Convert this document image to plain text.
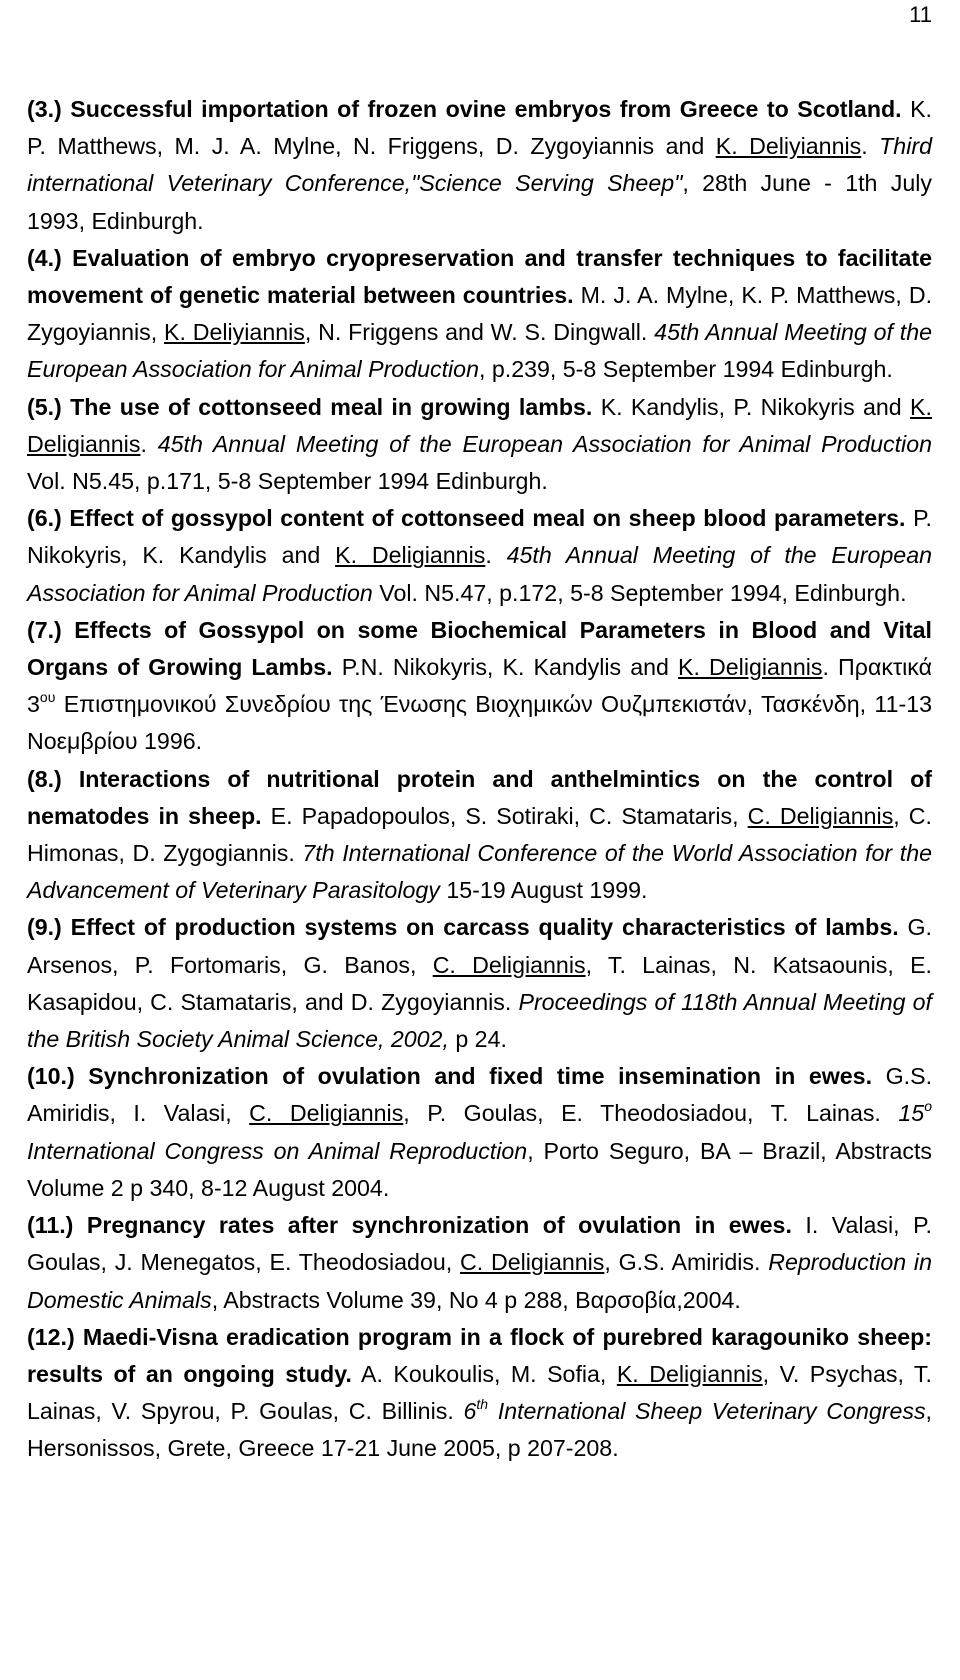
11
(3.) Successful importation of frozen ovine embryos from Greece to Scotland. K. P. Matthews, M. J. A. Mylne, N. Friggens, D. Zygoyiannis and K. Deliyiannis. Third international Veterinary Conference,"Science Serving Sheep", 28th June - 1th July 1993, Edinburgh.
(4.) Evaluation of embryo cryopreservation and transfer techniques to facilitate movement of genetic material between countries. M. J. A. Mylne, K. P. Matthews, D. Zygoyiannis, K. Deliyiannis, N. Friggens and W. S. Dingwall. 45th Annual Meeting of the European Association for Animal Production, p.239, 5-8 September 1994 Edinburgh.
(5.) The use of cottonseed meal in growing lambs. K. Kandylis, P. Nikokyris and K. Deligiannis. 45th Annual Meeting of the European Association for Animal Production Vol. N5.45, p.171, 5-8 September 1994 Edinburgh.
(6.) Effect of gossypol content of cottonseed meal on sheep blood parameters. P. Nikokyris, K. Kandylis and K. Deligiannis. 45th Annual Meeting of the European Association for Animal Production Vol. N5.47, p.172, 5-8 September 1994, Edinburgh.
(7.) Effects of Gossypol on some Biochemical Parameters in Blood and Vital Organs of Growing Lambs. P.N. Nikokyris, K. Kandylis and K. Deligiannis. Πρακτικά $3^{o\upsilon}$ Επιστημονικού Συνεδρίου της Ένωσης Βιοχημικών Ουζμπεκιστάν, Τασκένδη, 11-13 Νοεμβρίου 1996.
(8.) Interactions of nutritional protein and anthelmintics on the control of nematodes in sheep. E. Papadopoulos, S. Sotiraki, C. Stamataris, C. Deligiannis, C. Himonas, D. Zygogiannis. 7th International Conference of the World Association for the Advancement of Veterinary Parasitology 15-19 August 1999.
(9.) Effect of production systems on carcass quality characteristics of lambs. G. Arsenos, P. Fortomaris, G. Banos, C. Deligiannis, T. Lainas, N. Katsaounis, E. Kasapidou, C. Stamataris, and D. Zygoyiannis. Proceedings of 118th Annual Meeting of the British Society Animal Science, 2002, p 24.
(10.) Synchronization of ovulation and fixed time insemination in ewes. G.S. Amiridis, I. Valasi, C. Deligiannis, P. Goulas, E. Theodosiadou, T. Lainas. 15$^o$ International Congress on Animal Reproduction, Porto Seguro, BA – Brazil, Abstracts Volume 2 p 340, 8-12 August 2004.
(11.) Pregnancy rates after synchronization of ovulation in ewes. I. Valasi, P. Goulas, J. Menegatos, E. Theodosiadou, C. Deligiannis, G.S. Amiridis. Reproduction in Domestic Animals, Abstracts Volume 39, No 4 p 288, Βαρσοβία,2004.
(12.) Maedi-Visna eradication program in a flock of purebred karagouniko sheep: results of an ongoing study. A. Koukoulis, M. Sofia, K. Deligiannis, V. Psychas, T. Lainas, V. Spyrou, P. Goulas, C. Billinis. 6th International Sheep Veterinary Congress, Hersonissos, Grete, Greece 17-21 June 2005, p 207-208.
